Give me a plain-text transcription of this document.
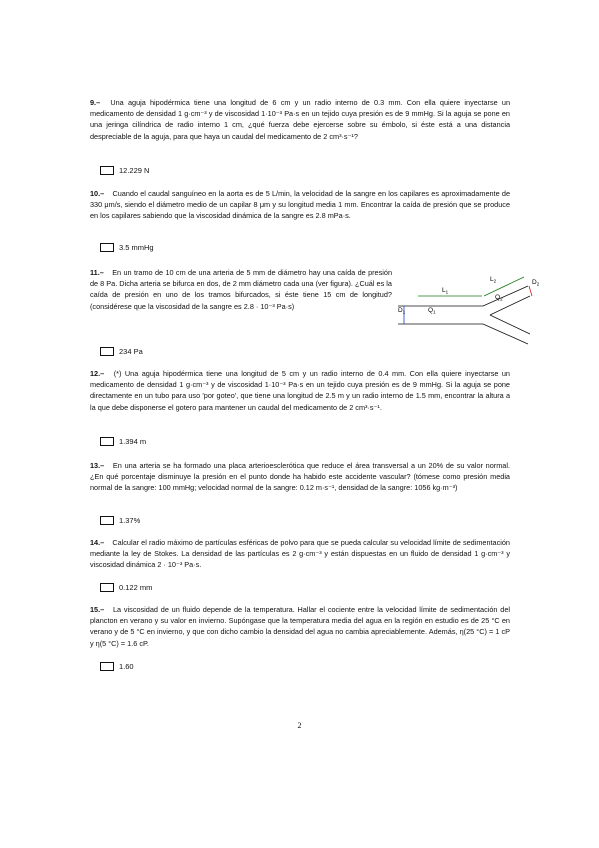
9.– Una aguja hipodérmica tiene una longitud de 6 cm y un radio interno de 0.3 mm. Con ella quiere inyectarse un medicamento de densidad 1 g·cm⁻³ y de viscosidad 1·10⁻³ Pa·s en un tejido cuya presión es de 9 mmHg. Si la aguja se pone en una jeringa cilíndrica de radio interno 1 cm, ¿qué fuerza debe ejercerse sobre su émbolo, si éste está a una distancia despreciable de la aguja, para que haya un caudal del medicamento de 2 cm³·s⁻¹?
12.229 N
10.– Cuando el caudal sanguíneo en la aorta es de 5 L/min, la velocidad de la sangre en los capilares es aproximadamente de 330 μm/s, siendo el diámetro medio de un capilar 8 μm y su longitud media 1 mm. Encontrar la caída de presión que se produce en los capilares sabiendo que la viscosidad dinámica de la sangre es 2.8 mPa·s.
3.5 mmHg
11.– En un tramo de 10 cm de una arteria de 5 mm de diámetro hay una caída de presión de 8 Pa. Dicha arteria se bifurca en dos, de 2 mm diámetro cada una (ver figura). ¿Cuál es la caída de presión en uno de los tramos bifurcados, si éste tiene 15 cm de longitud? (considérese que la viscosidad de la sangre es 2.8 · 10⁻³ Pa·s)
$L_1$
$L_2$	$D_2$
$Q_2$
$D_1$	$Q_1$
234 Pa
12.– (*) Una aguja hipodérmica tiene una longitud de 5 cm y un radio interno de 0.4 mm. Con ella quiere inyectarse un medicamento de densidad 1 g·cm⁻³ y de viscosidad 1·10⁻³ Pa·s en un tejido cuya presión es de 9 mmHg. Si la aguja se pone directamente en un tubo para uso 'por goteo', que tiene una longitud de 2.5 m y un radio interno de 1.5 mm, encontrar la altura a la que debe disponerse el gotero para mantener un caudal del medicamento de 2 cm³·s⁻¹.
1.394 m
13.– En una arteria se ha formado una placa arterioesclerótica que reduce el área transversal a un 20% de su valor normal. ¿En qué porcentaje disminuye la presión en el punto donde ha habido este accidente vascular? (tómese como presión media normal de la sangre: 100 mmHg; velocidad normal de la sangre: 0.12 m·s⁻¹, densidad de la sangre: 1056 kg·m⁻³)
1.37%
14.– Calcular el radio máximo de partículas esféricas de polvo para que se pueda calcular su velocidad límite de sedimentación mediante la ley de Stokes. La densidad de las partículas es 2 g·cm⁻³ y están dispuestas en un fluido de densidad 1 g·cm⁻³ y viscosidad dinámica 2 · 10⁻³ Pa·s.
0.122 mm
15.– La viscosidad de un fluido depende de la temperatura. Hallar el cociente entre la velocidad límite de sedimentación del plancton en verano y su valor en invierno. Supóngase que la temperatura media del agua en la región en estudio es de 25 °C en verano y de 5 °C en invierno, y que con dicho cambio la densidad del agua no cambia apreciablemente. Además, η(25 °C) = 1 cP y η(5 °C) = 1.6 cP.
1.60
2
